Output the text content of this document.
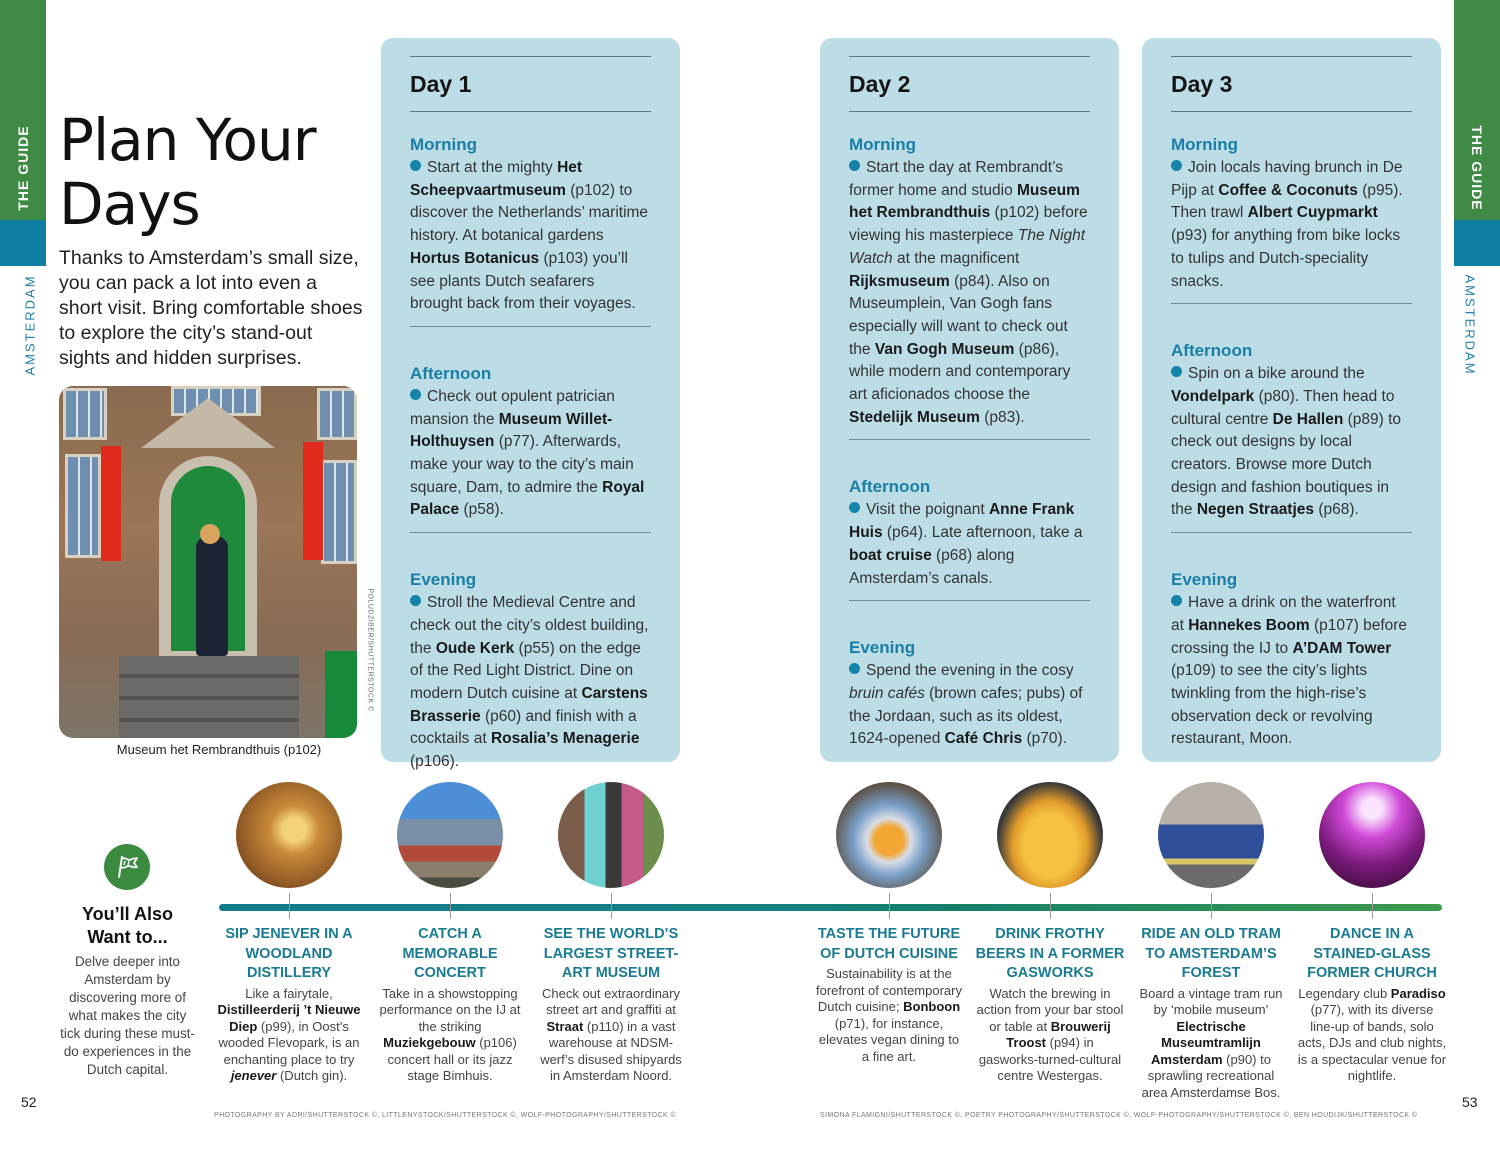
THE GUIDE
AMSTERDAM
THE GUIDE
AMSTERDAM
Plan Your
Days

Thanks to Amsterdam’s small size, you can pack a lot into even a short visit. Bring comfortable shoes to explore the city’s stand-out sights and hidden surprises.

POLUDZIBER/SHUTTERSTOCK ©
Museum het Rembrandthuis (p102)
Day 1
Morning

Start at the mighty Het Scheepvaartmuseum (p102) to discover the Netherlands’ maritime history. At botanical gardens Hortus Botanicus (p103) you’ll see plants Dutch seafarers brought back from their voyages.

Afternoon

Check out opulent patrician mansion the Museum Willet-Holthuysen (p77). Afterwards, make your way to the city’s main square, Dam, to admire the Royal Palace (p58).

Evening

Stroll the Medieval Centre and check out the city’s oldest building, the Oude Kerk (p55) on the edge of the Red Light District. Dine on modern Dutch cuisine at Carstens Brasserie (p60) and finish with a cocktails at Rosalia’s Menagerie (p106).

Day 2
Morning

Start the day at Rembrandt’s former home and studio Museum het Rembrandthuis (p102) before viewing his masterpiece The Night Watch at the magnificent Rijksmuseum (p84). Also on Museumplein, Van Gogh fans especially will want to check out the Van Gogh Museum (p86), while modern and contemporary art aficionados choose the Stedelijk Museum (p83).

Afternoon

Visit the poignant Anne Frank Huis (p64). Late afternoon, take a boat cruise (p68) along Amsterdam’s canals.

Evening

Spend the evening in the cosy bruin cafés (brown cafes; pubs) of the Jordaan, such as its oldest, 1624-opened Café Chris (p70).

Day 3
Morning

Join locals having brunch in De Pijp at Coffee & Coconuts (p95). Then trawl Albert Cuypmarkt (p93) for anything from bike locks to tulips and Dutch-speciality snacks.

Afternoon

Spin on a bike around the Vondelpark (p80). Then head to cultural centre De Hallen (p89) to check out designs by local creators. Browse more Dutch design and fashion boutiques in the Negen Straatjes (p68).

Evening

Have a drink on the waterfront at Hannekes Boom (p107) before crossing the IJ to A’DAM Tower (p109) to see the city’s lights twinkling from the high-rise’s observation deck or revolving restaurant, Moon.

You’ll Also Want to...
Delve deeper into Amsterdam by discovering more of what makes the city tick during these must-do experiences in the Dutch capital.
SIP JENEVER IN A WOODLAND DISTILLERY

Like a fairytale, Distilleerderij ’t Nieuwe Diep (p99), in Oost’s wooded Flevopark, is an enchanting place to try jenever (Dutch gin).

CATCH A MEMORABLE CONCERT

Take in a showstopping performance on the IJ at the striking Muziekgebouw (p106) concert hall or its jazz stage Bimhuis.

SEE THE WORLD’S LARGEST STREET-ART MUSEUM

Check out extraordinary street art and graffiti at Straat (p110) in a vast warehouse at NDSM-werf’s disused shipyards in Amsterdam Noord.

TASTE THE FUTURE OF DUTCH CUISINE

Sustainability is at the forefront of contemporary Dutch cuisine; Bonboon (p71), for instance, elevates vegan dining to a fine art.

DRINK FROTHY BEERS IN A FORMER GASWORKS

Watch the brewing in action from your bar stool or table at Brouwerij Troost (p94) in gasworks-turned-cultural centre Westergas.

RIDE AN OLD TRAM TO AMSTERDAM’S FOREST

Board a vintage tram run by ‘mobile museum’ Electrische Museumtramlijn Amsterdam (p90) to sprawling recreational area Amsterdamse Bos.

DANCE IN A STAINED-GLASS FORMER CHURCH

Legendary club Paradiso (p77), with its diverse line-up of bands, solo acts, DJs and club nights, is a spectacular venue for nightlife.

52	53
PHOTOGRAPHY BY ADRI/SHUTTERSTOCK ©, LITTLENYSTOCK/SHUTTERSTOCK ©, WOLF-PHOTOGRAPHY/SHUTTERSTOCK ©	SIMONA FLAMIGNI/SHUTTERSTOCK ©, POETRY PHOTOGRAPHY/SHUTTERSTOCK ©, WOLF-PHOTOGRAPHY/SHUTTERSTOCK ©, BEN HOUDIJK/SHUTTERSTOCK ©
